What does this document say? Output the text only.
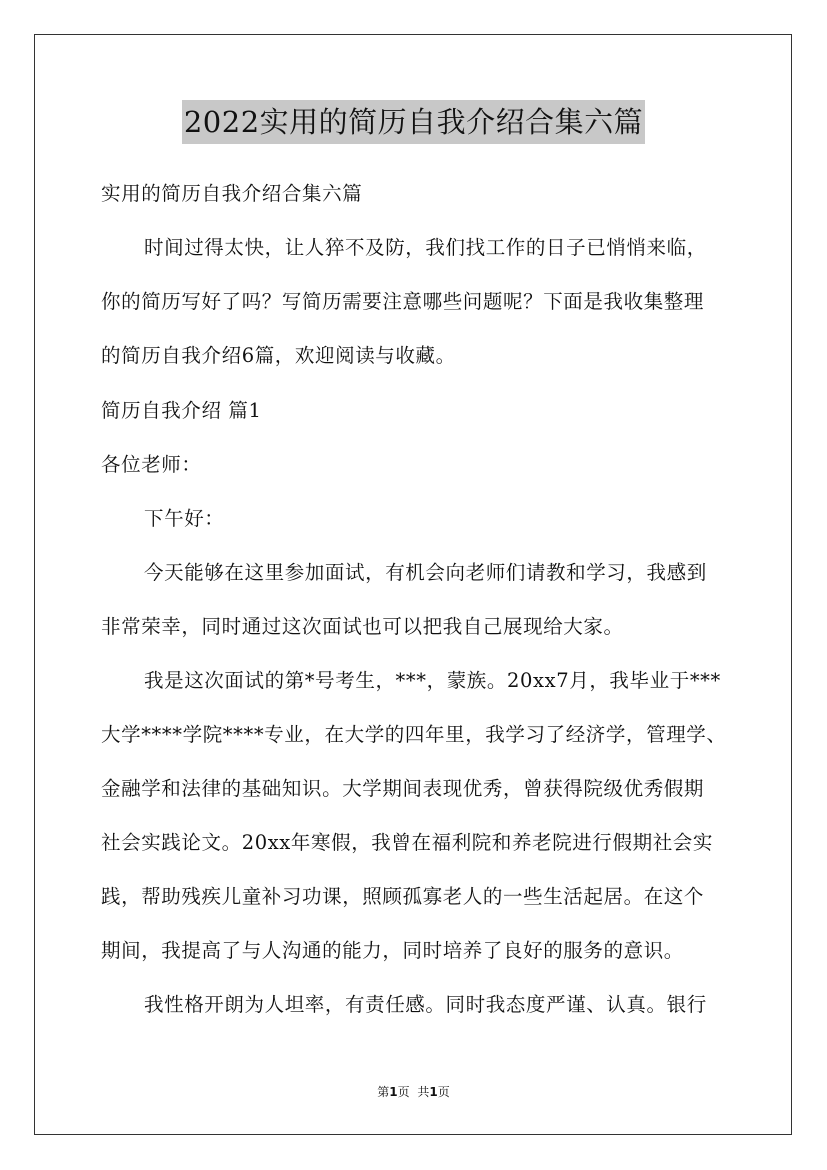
2022实用的简历自我介绍合集六篇
实用的简历自我介绍合集六篇
时间过得太快，让人猝不及防，我们找工作的日子已悄悄来临，
你的简历写好了吗？写简历需要注意哪些问题呢？下面是我收集整理
的简历自我介绍6篇，欢迎阅读与收藏。
简历自我介绍 篇1
各位老师：
下午好：
今天能够在这里参加面试，有机会向老师们请教和学习，我感到
非常荣幸，同时通过这次面试也可以把我自己展现给大家。
我是这次面试的第*号考生，***，蒙族。20xx7月，我毕业于***
大学****学院****专业，在大学的四年里，我学习了经济学，管理学、
金融学和法律的基础知识。大学期间表现优秀，曾获得院级优秀假期
社会实践论文。20xx年寒假，我曾在福利院和养老院进行假期社会实
践，帮助残疾儿童补习功课，照顾孤寡老人的一些生活起居。在这个
期间，我提高了与人沟通的能力，同时培养了良好的服务的意识。
我性格开朗为人坦率，有责任感。同时我态度严谨、认真。银行
第1页 共1页
